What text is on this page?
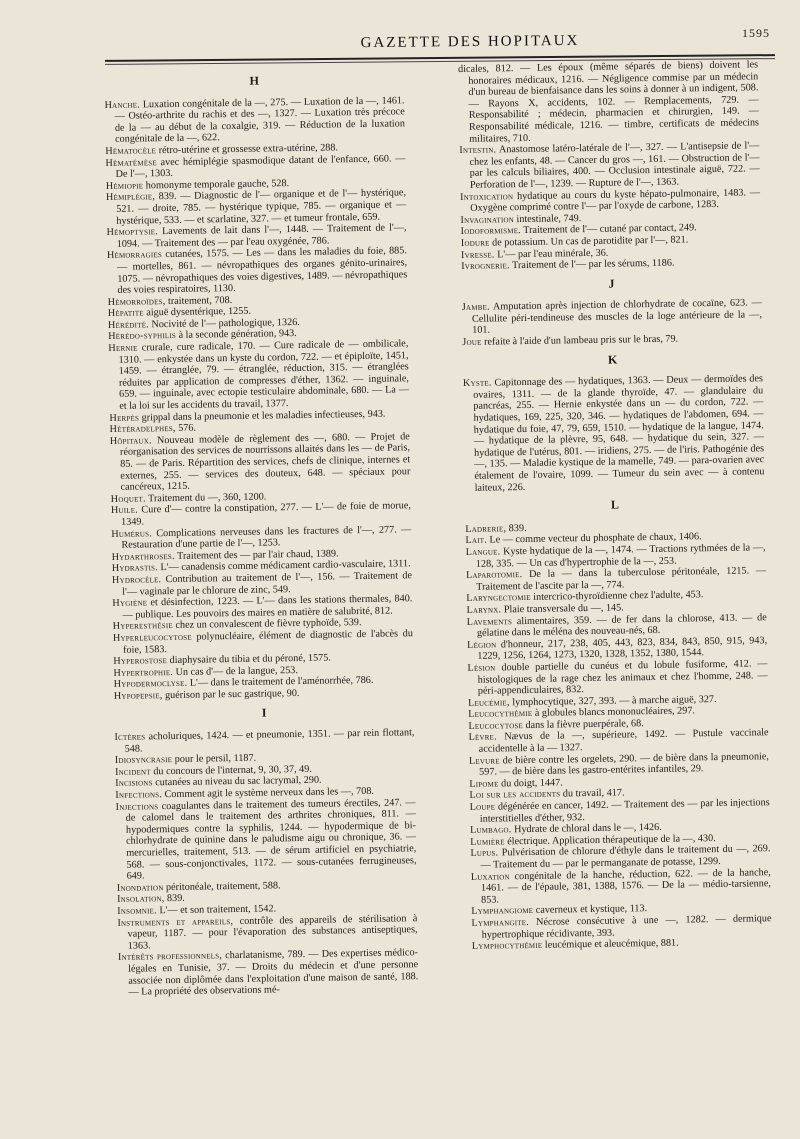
GAZETTE DES HOPITAUX	1595
H
Hanche. Luxation congénitale de la —, 275. — Luxation de la —, 1461. — Ostéo-arthrite du rachis et des —, 1327. — Luxation très précoce de la — au début de la coxalgie, 319. — Réduction de la luxation congénitale de la —, 622.
Hématocèle rétro-utérine et grossesse extra-utérine, 288.
Hématémèse avec hémiplégie spasmodique datant de l'enfance, 660. — De l'—, 1303.
Hémiopie homonyme temporale gauche, 528.
Hémiplégie, 839. — Diagnostic de l'— organique et de l'— hystérique, 521. — droite, 785. — hystérique typique, 785. — organique et — hystérique, 533. — et scarlatine, 327. — et tumeur frontale, 659.
Hémoptysie. Lavements de lait dans l'—, 1448. — Traitement de l'—, 1094. — Traitement des — par l'eau oxygénée, 786.
Hémorragies cutanées, 1575. — Les — dans les maladies du foie, 885. — mortelles, 861. — névropathiques des organes génito-urinaires, 1075. — névropathiques des voies digestives, 1489. — névropathiques des voies respiratoires, 1130.
Hémorroïdes, traitement, 708.
Hépatite aiguë dysentérique, 1255.
Hérédité. Nocivité de l'— pathologique, 1326.
Hérédo-syphilis à la seconde génération, 943.
Hernie crurale, cure radicale, 170. — Cure radicale de — ombilicale, 1310. — enkystée dans un kyste du cordon, 722. — et épiploïte, 1451, 1459. — étranglée, 79. — étranglée, réduction, 315. — étranglées réduites par application de compresses d'éther, 1362. — inguinale, 659. — inguinale, avec ectopie testiculaire abdominale, 680. — La — et la loi sur les accidents du travail, 1377.
Herpès grippal dans la pneumonie et les maladies infectieuses, 943.
Hétéradelphes, 576.
Hôpitaux. Nouveau modèle de règlement des —, 680. — Projet de réorganisation des services de nourrissons allaités dans les — de Paris, 85. — de Paris. Répartition des services, chefs de clinique, internes et externes, 255. — services des douteux, 648. — spéciaux pour cancéreux, 1215.
Hoquet. Traitement du —, 360, 1200.
Huile. Cure d'— contre la constipation, 277. — L'— de foie de morue, 1349.
Humérus. Complications nerveuses dans les fractures de l'—, 277. — Restauration d'une partie de l'—, 1253.
Hydarthroses. Traitement des — par l'air chaud, 1389.
Hydrastis. L'— canadensis comme médicament cardio-vasculaire, 1311.
Hydrocèle. Contribution au traitement de l'—, 156. — Traitement de l'— vaginale par le chlorure de zinc, 549.
Hygiène et désinfection, 1223. — L'— dans les stations thermales, 840. — publique. Les pouvoirs des maires en matière de salubrité, 812.
Hyperesthésie chez un convalescent de fièvre typhoïde, 539.
Hyperleucocytose polynucléaire, élément de diagnostic de l'abcès du foie, 1583.
Hyperostose diaphysaire du tibia et du péroné, 1575.
Hypertrophie. Un cas d'— de la langue, 253.
Hypodermoclyse. L'— dans le traitement de l'aménorrhée, 786.
Hypopepsie, guérison par le suc gastrique, 90.
I
Ictères acholuriques, 1424. — et pneumonie, 1351. — par rein flottant, 548.
Idiosyncrasie pour le persil, 1187.
Incident du concours de l'internat, 9, 30, 37, 49.
Incisions cutanées au niveau du sac lacrymal, 290.
Infections. Comment agit le système nerveux dans les —, 708.
Injections coagulantes dans le traitement des tumeurs érectiles, 247. — de calomel dans le traitement des arthrites chroniques, 811. — hypodermiques contre la syphilis, 1244. — hypodermique de bi-chlorhydrate de quinine dans le paludisme aigu ou chronique, 36. — mercurielles, traitement, 513. — de sérum artificiel en psychiatrie, 568. — sous-conjonctivales, 1172. — sous-cutanées ferrugineuses, 649.
Inondation péritonéale, traitement, 588.
Insolation, 839.
Insomnie. L'— et son traitement, 1542.
Instruments et appareils, contrôle des appareils de stérilisation à vapeur, 1187. — pour l'évaporation des substances antiseptiques, 1363.
Intérêts professionnels, charlatanisme, 789. — Des expertises médico-légales en Tunisie, 37. — Droits du médecin et d'une personne associée non diplômée dans l'exploitation d'une maison de santé, 188. — La propriété des observations mé-
dicales, 812. — Les époux (même séparés de biens) doivent les honoraires médicaux, 1216. — Négligence commise par un médecin d'un bureau de bienfaisance dans les soins à donner à un indigent, 508. — Rayons X, accidents, 102. — Remplacements, 729. — Responsabilité ; médecin, pharmacien et chirurgien, 149. — Responsabilité médicale, 1216. — timbre, certificats de médecins militaires, 710.
Intestin. Anastomose latéro-latérale de l'—, 327. — L'antisepsie de l'— chez les enfants, 48. — Cancer du gros —, 161. — Obstruction de l'— par les calculs biliaires, 400. — Occlusion intestinale aiguë, 722. — Perforation de l'—, 1239. — Rupture de l'—, 1363.
Intoxication hydatique au cours du kyste hépato-pulmonaire, 1483. — Oxygène comprimé contre l'— par l'oxyde de carbone, 1283.
Invagination intestinale, 749.
Iodoformisme. Traitement de l'— cutané par contact, 249.
Iodure de potassium. Un cas de parotidite par l'—, 821.
Ivresse. L'— par l'eau minérale, 36.
Ivrognerie. Traitement de l'— par les sérums, 1186.
J
Jambe. Amputation après injection de chlorhydrate de cocaïne, 623. — Cellulite péri-tendineuse des muscles de la loge antérieure de la —, 101.
Joue refaite à l'aide d'un lambeau pris sur le bras, 79.
K
Kyste. Capitonnage des — hydatiques, 1363. — Deux — dermoïdes des ovaires, 1311. — de la glande thyroïde, 47. — glandulaire du pancréas, 255. — Hernie enkystée dans un — du cordon, 722. — hydatiques, 169, 225, 320, 346. — hydatiques de l'abdomen, 694. — hydatique du foie, 47, 79, 659, 1510. — hydatique de la langue, 1474. — hydatique de la plèvre, 95, 648. — hydatique du sein, 327. — hydatique de l'utérus, 801. — iridiens, 275. — de l'iris. Pathogénie des —, 135. — Maladie kystique de la mamelle, 749. — para-ovarien avec étalement de l'ovaire, 1099. — Tumeur du sein avec — à contenu laiteux, 226.
L
Ladrerie, 839.
Lait. Le — comme vecteur du phosphate de chaux, 1406.
Langue. Kyste hydatique de la —, 1474. — Tractions rythmées de la —, 128, 335. — Un cas d'hypertrophie de la —, 253.
Laparotomie. De la — dans la tuberculose péritonéale, 1215. — Traitement de l'ascite par la —, 774.
Laryngectomie intercrico-thyroïdienne chez l'adulte, 453.
Larynx. Plaie transversale du —, 145.
Lavements alimentaires, 359. — de fer dans la chlorose, 413. — de gélatine dans le méléna des nouveau-nés, 68.
Légion d'honneur, 217, 238, 405, 443, 823, 834, 843, 850, 915, 943, 1229, 1256, 1264, 1273, 1320, 1328, 1352, 1380, 1544.
Lésion double partielle du cunéus et du lobule fusiforme, 412. — histologiques de la rage chez les animaux et chez l'homme, 248. — péri-appendiculaires, 832.
Leucémie, lymphocytique, 327, 393. — à marche aiguë, 327.
Leucocythémie à globules blancs mononucléaires, 297.
Leucocytose dans la fièvre puerpérale, 68.
Lèvre. Nævus de la —, supérieure, 1492. — Pustule vaccinale accidentelle à la — 1327.
Levure de bière contre les orgelets, 290. — de bière dans la pneumonie, 597. — de bière dans les gastro-entérites infantiles, 29.
Lipome du doigt, 1447.
Loi sur les accidents du travail, 417.
Loupe dégénérée en cancer, 1492. — Traitement des — par les injections interstitielles d'éther, 932.
Lumbago. Hydrate de chloral dans le —, 1426.
Lumière électrique. Application thérapeutique de la —, 430.
Lupus. Pulvérisation de chlorure d'éthyle dans le traitement du —, 269. — Traitement du — par le permanganate de potasse, 1299.
Luxation congénitale de la hanche, réduction, 622. — de la hanche, 1461. — de l'épaule, 381, 1388, 1576. — De la — médio-tarsienne, 853.
Lymphangiome caverneux et kystique, 113.
Lymphangite. Nécrose consécutive à une —, 1282. — dermique hypertrophique récidivante, 393.
Lymphocythémie leucémique et aleucémique, 881.
